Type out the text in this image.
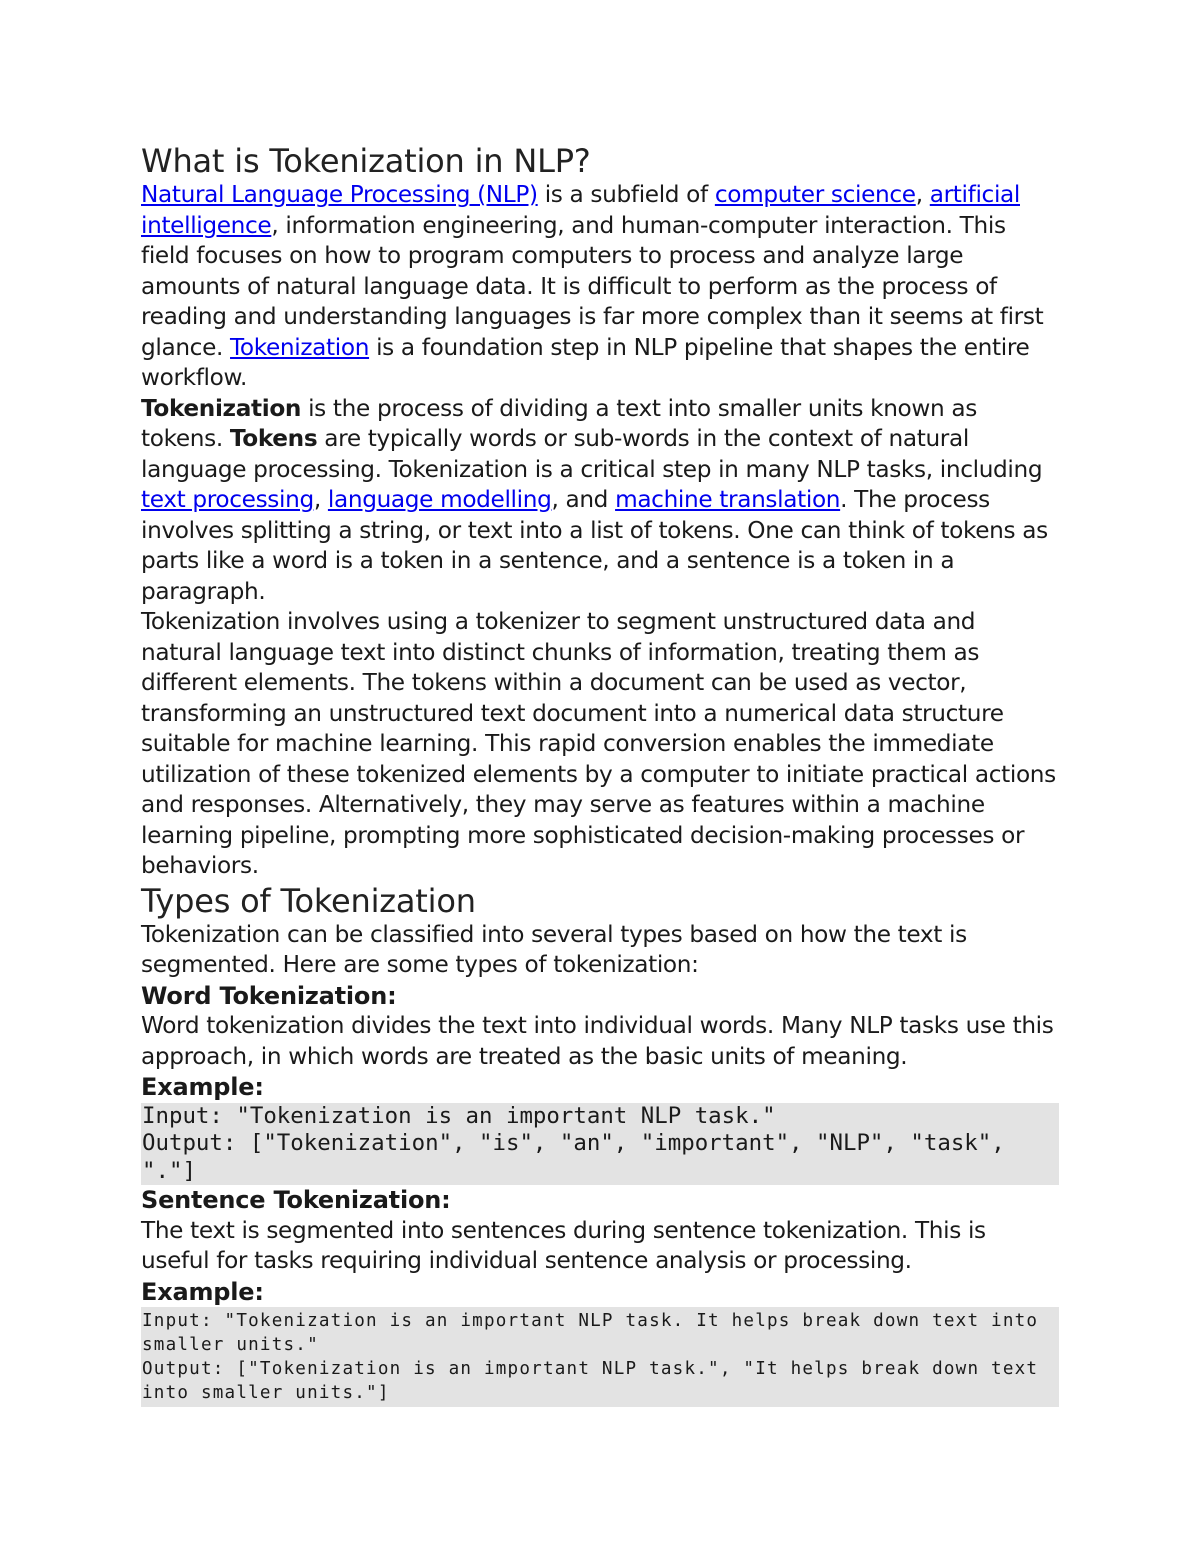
What is Tokenization in NLP?

Natural Language Processing (NLP) is a subfield of computer science, artificial intelligence, information engineering, and human-computer interaction. This field focuses on how to program computers to process and analyze large amounts of natural language data. It is difficult to perform as the process of reading and understanding languages is far more complex than it seems at first glance. Tokenization is a foundation step in NLP pipeline that shapes the entire workflow.

Tokenization is the process of dividing a text into smaller units known as tokens. Tokens are typically words or sub-words in the context of natural language processing. Tokenization is a critical step in many NLP tasks, including text processing, language modelling, and machine translation. The process involves splitting a string, or text into a list of tokens. One can think of tokens as parts like a word is a token in a sentence, and a sentence is a token in a paragraph.

Tokenization involves using a tokenizer to segment unstructured data and natural language text into distinct chunks of information, treating them as different elements. The tokens within a document can be used as vector, transforming an unstructured text document into a numerical data structure suitable for machine learning. This rapid conversion enables the immediate utilization of these tokenized elements by a computer to initiate practical actions and responses. Alternatively, they may serve as features within a machine learning pipeline, prompting more sophisticated decision-making processes or behaviors.

Types of Tokenization

Tokenization can be classified into several types based on how the text is segmented. Here are some types of tokenization:

Word Tokenization:

Word tokenization divides the text into individual words. Many NLP tasks use this approach, in which words are treated as the basic units of meaning.

Example:
Input: "Tokenization is an important NLP task."
Output: ["Tokenization", "is", "an", "important", "NLP", "task", "."]
Sentence Tokenization:

The text is segmented into sentences during sentence tokenization. This is useful for tasks requiring individual sentence analysis or processing.

Example:
Input: "Tokenization is an important NLP task. It helps break down text into smaller units."
Output: ["Tokenization is an important NLP task.", "It helps break down text into smaller units."]
